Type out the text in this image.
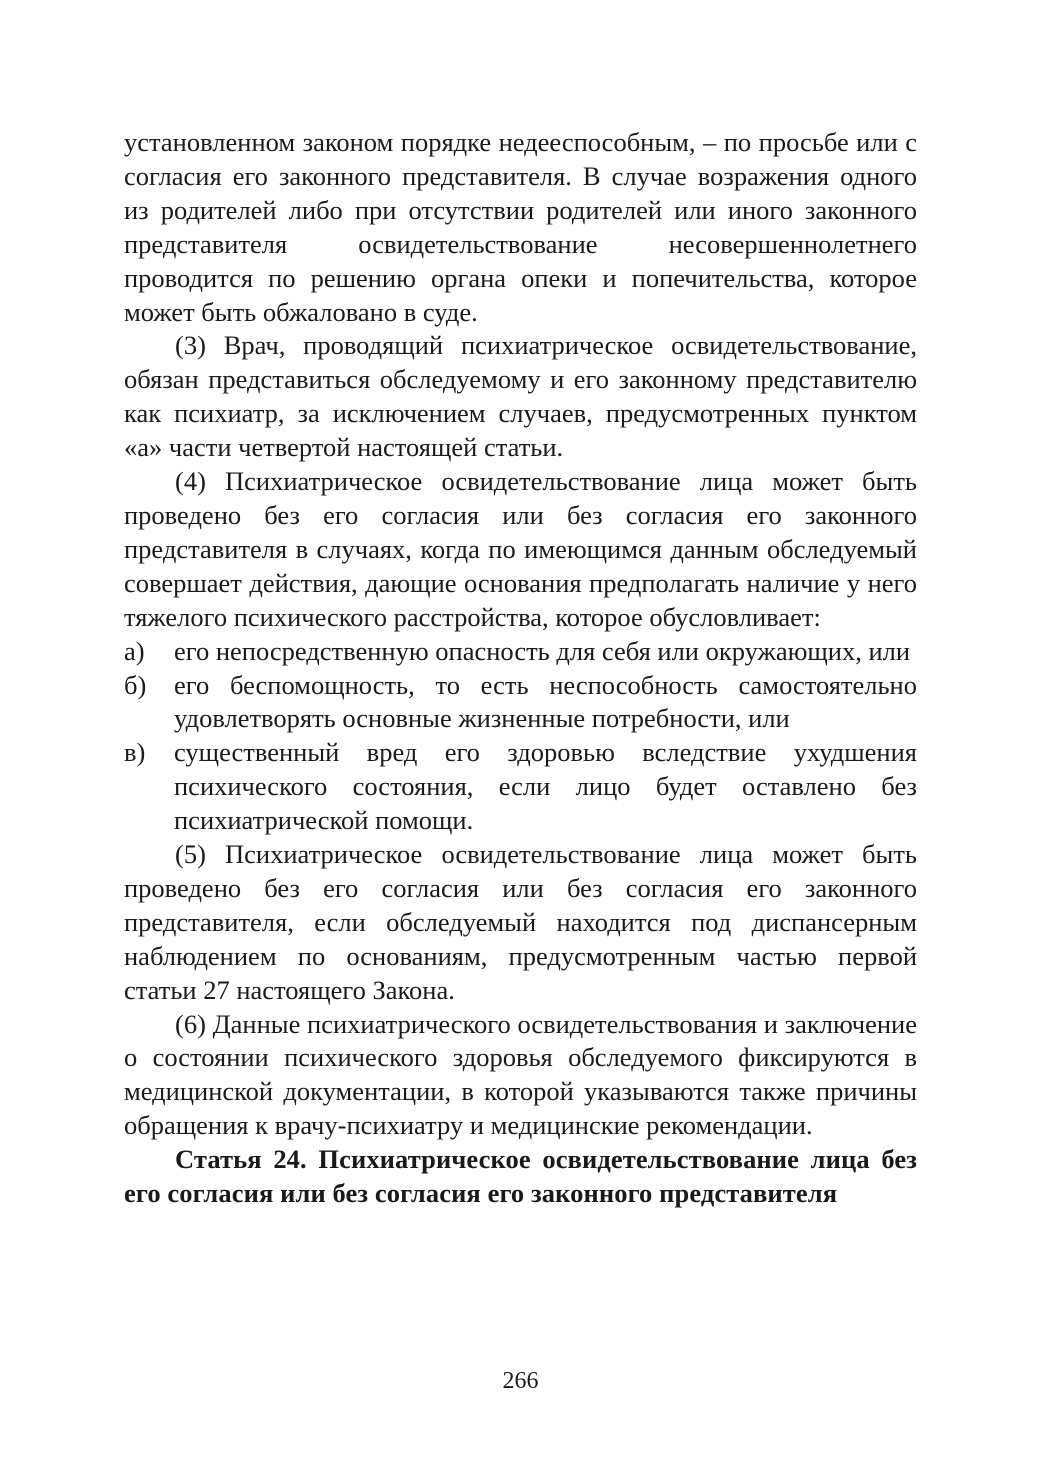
установленном законом порядке недееспособным, – по просьбе или с согласия его законного представителя. В случае возражения одного из родителей либо при отсутствии родителей или иного законного представителя освидетельствование несовершеннолетнего проводится по решению органа опеки и попечительства, которое может быть обжаловано в суде.

(3) Врач, проводящий психиатрическое освидетельствование, обязан представиться обследуемому и его законному представителю как психиатр, за исключением случаев, предусмотренных пунктом «а» части четвертой настоящей статьи.

(4) Психиатрическое освидетельствование лица может быть проведено без его согласия или без согласия его законного представителя в случаях, когда по имеющимся данным обследуемый совершает действия, дающие основания предполагать наличие у него тяжелого психического расстройства, которое обусловливает:

а)	его непосредственную опасность для себя или окружающих, или
б)	его беспомощность, то есть неспособность самостоятельно удовлетворять основные жизненные потребности, или
в)	существенный вред его здоровью вследствие ухудшения психического состояния, если лицо будет оставлено без психиатрической помощи.

(5) Психиатрическое освидетельствование лица может быть проведено без его согласия или без согласия его законного представителя, если обследуемый находится под диспансерным наблюдением по основаниям, предусмотренным частью первой статьи 27 настоящего Закона.

(6) Данные психиатрического освидетельствования и заключение о состоянии психического здоровья обследуемого фиксируются в медицинской документации, в которой указываются также причины обращения к врачу-психиатру и медицинские рекомендации.

Статья 24. Психиатрическое освидетельствование лица без его согласия или без согласия его законного представителя

266
